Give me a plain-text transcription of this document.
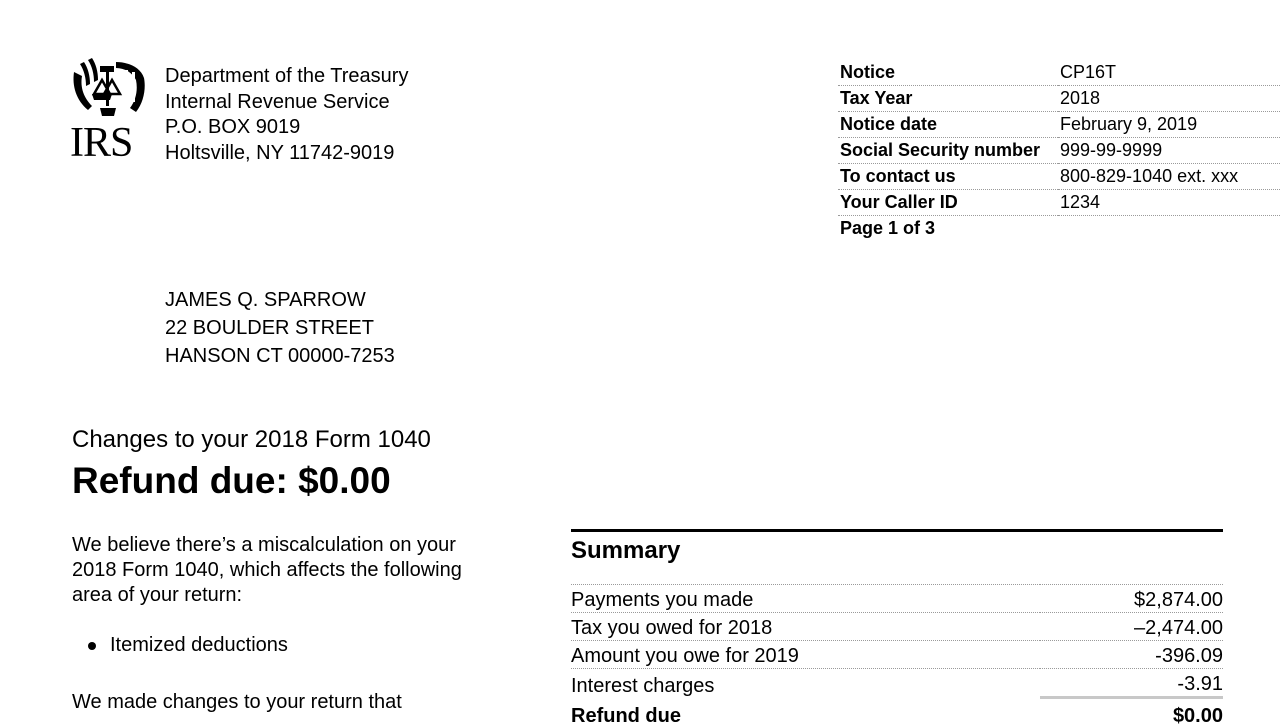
IRS
Department of the Treasury
Internal Revenue Service
P.O. BOX 9019
Holtsville, NY 11742-9019
Notice	CP16T
Tax Year	2018
Notice date	February 9, 2019
Social Security number	999-99-9999
To contact us	800-829-1040 ext. xxx
Your Caller ID	1234
Page 1 of 3	
JAMES Q. SPARROW
22 BOULDER STREET
HANSON CT 00000-7253
Changes to your 2018 Form 1040
Refund due: $0.00

We believe there’s a miscalculation on your 2018 Form 1040, which affects the following area of your return:

Itemized deductions
We made changes to your return that
Summary
Payments you made	$2,874.00
Tax you owed for 2018	–2,474.00
Amount you owe for 2019	-396.09
Interest charges	-3.91
Refund due	$0.00
